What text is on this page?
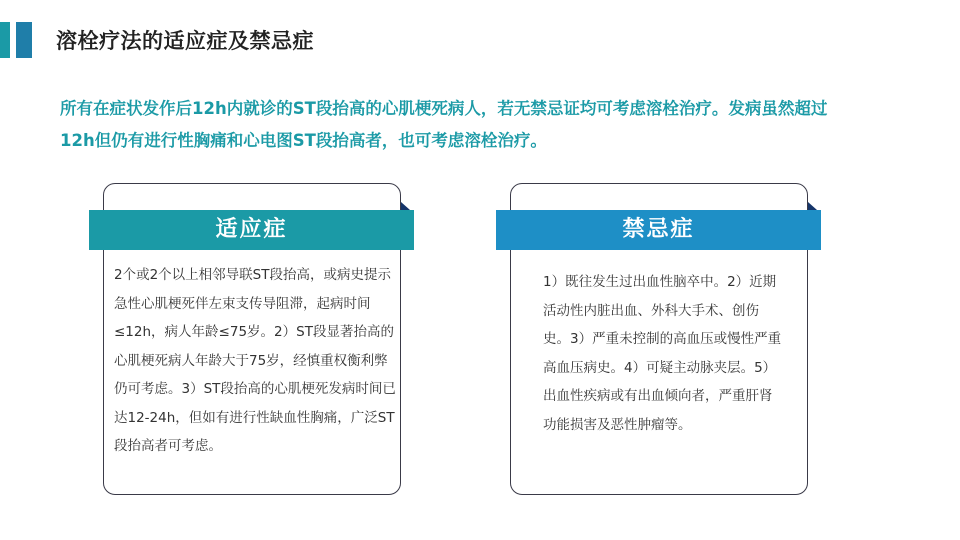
溶栓疗法的适应症及禁忌症
所有在症状发作后12h内就诊的ST段抬高的心肌梗死病人，若无禁忌证均可考虑溶栓治疗。发病虽然超过12h但仍有进行性胸痛和心电图ST段抬高者，也可考虑溶栓治疗。
适应症
2个或2个以上相邻导联ST段抬高，或病史提示急性心肌梗死伴左束支传导阻滞，起病时间≤12h，病人年龄≤75岁。2）ST段显著抬高的心肌梗死病人年龄大于75岁，经慎重权衡利弊仍可考虑。3）ST段抬高的心肌梗死发病时间已达12-24h，但如有进行性缺血性胸痛，广泛ST段抬高者可考虑。
禁忌症
1）既往发生过出血性脑卒中。2）近期活动性内脏出血、外科大手术、创伤史。3）严重未控制的高血压或慢性严重高血压病史。4）可疑主动脉夹层。5）出血性疾病或有出血倾向者，严重肝肾功能损害及恶性肿瘤等。
